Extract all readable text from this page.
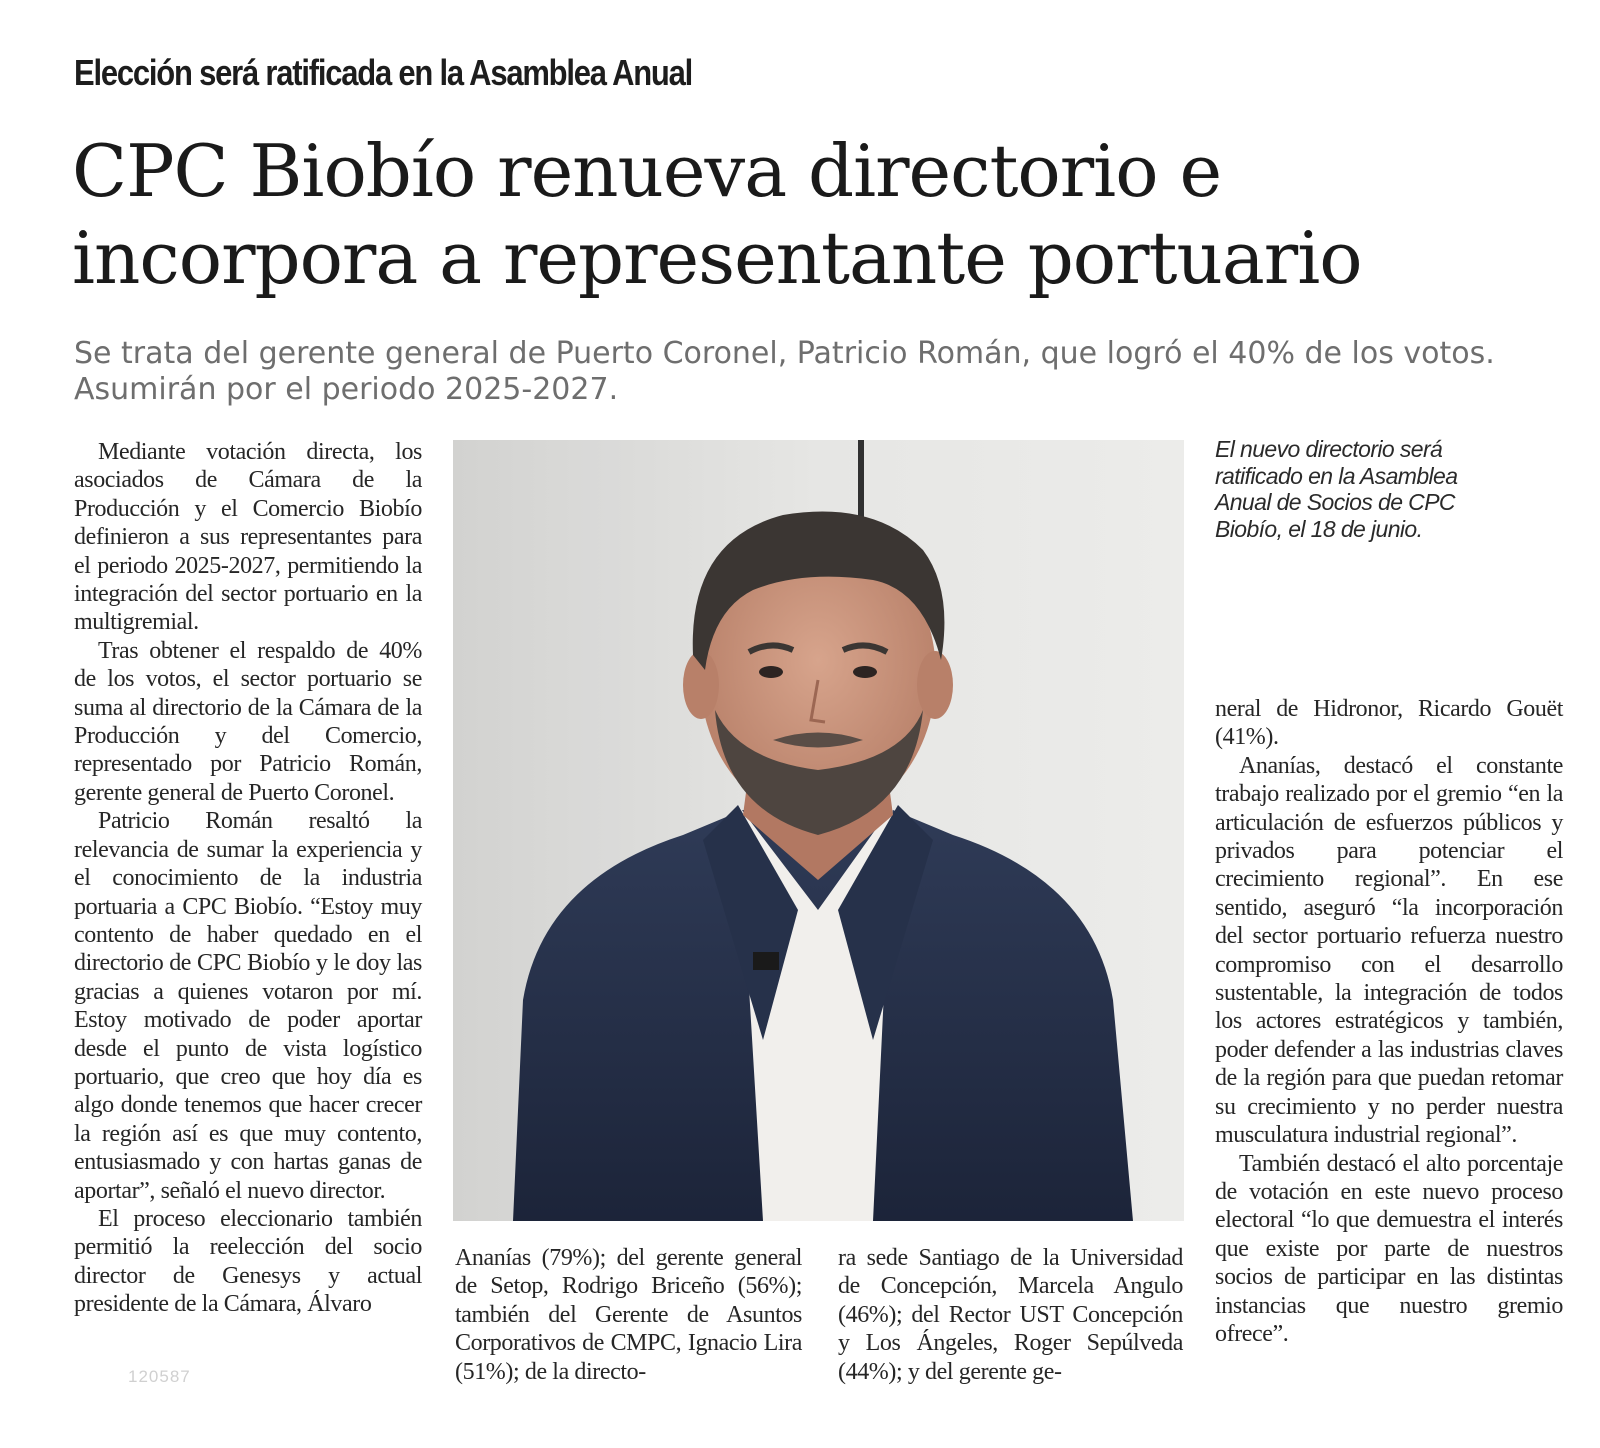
Elección será ratificada en la Asamblea Anual
CPC Biobío renueva directorio e
incorpora a representante portuario
Se trata del gerente general de Puerto Coronel, Patricio Román, que logró el 40% de los votos. Asumirán por el periodo 2025-2027.

Mediante votación directa, los asociados de Cámara de la Producción y el Comercio Biobío definieron a sus representantes para el periodo 2025-2027, permitiendo la integración del sector portuario en la multigremial.

Tras obtener el respaldo de 40% de los votos, el sector portuario se suma al directorio de la Cámara de la Producción y del Comercio, representado por Patricio Román, gerente general de Puerto Coronel.

Patricio Román resaltó la relevancia de sumar la experiencia y el conocimiento de la industria portuaria a CPC Biobío. “Estoy muy contento de haber quedado en el directorio de CPC Biobío y le doy las gracias a quienes votaron por mí. Estoy motivado de poder aportar desde el punto de vista logístico portuario, que creo que hoy día es algo donde tenemos que hacer crecer la región así es que muy contento, entusiasmado y con hartas ganas de aportar”, señaló el nuevo director.

El proceso eleccionario también permitió la reelección del socio director de Genesys y actual presidente de la Cámara, Álvaro

El nuevo directorio será ratificado en la Asamblea Anual de Socios de CPC Biobío, el 18 de junio.
120587

Ananías (79%); del gerente general de Setop, Rodrigo Briceño (56%); también del Gerente de Asuntos Corporativos de CMPC, Ignacio Lira (51%); de la directo-

ra sede Santiago de la Universidad de Concepción, Marcela Angulo (46%); del Rector UST Concepción y Los Ángeles, Roger Sepúlveda (44%); y del gerente ge-

neral de Hidronor, Ricardo Gouët (41%).

Ananías, destacó el constante trabajo realizado por el gremio “en la articulación de esfuerzos públicos y privados para potenciar el crecimiento regional”. En ese sentido, aseguró “la incorporación del sector portuario refuerza nuestro compromiso con el desarrollo sustentable, la integración de todos los actores estratégicos y también, poder defender a las industrias claves de la región para que puedan retomar su crecimiento y no perder nuestra musculatura industrial regional”.

También destacó el alto porcentaje de votación en este nuevo proceso electoral “lo que demuestra el interés que existe por parte de nuestros socios de participar en las distintas instancias que nuestro gremio ofrece”.
